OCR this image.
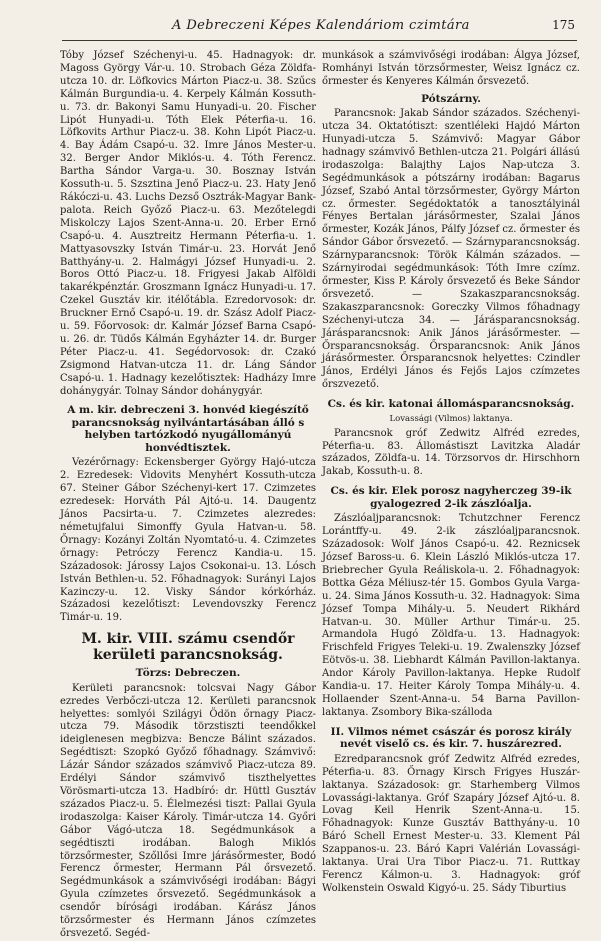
A Debreczeni Képes Kalendáriom czimtára	175

Tóby József Széchenyi-u. 45. Hadnagyok: dr. Magoss György Vár-u. 10. Strobach Géza Zöldfa-utcza 10. dr. Löfkovics Márton Piacz-u. 38. Szűcs Kálmán Burgundia-u. 4. Kerpely Kálmán Kossuth-u. 73. dr. Bakonyi Samu Hunyadi-u. 20. Fischer Lipót Hunyadi-u. Tóth Elek Péterfia-u. 16. Löfkovits Arthur Piacz-u. 38. Kohn Lipót Piacz-u. 4. Bay Ádám Csapó-u. 32. Imre János Mester-u. 32. Berger Andor Miklós-u. 4. Tóth Ferencz. Bartha Sándor Varga-u. 30. Bosznay István Kossuth-u. 5. Szsztina Jenő Piacz-u. 23. Haty Jenő Rákóczi-u. 43. Luchs Dezső Osztrák-Magyar Bank-palota. Reich Győző Piacz-u. 63. Mezőtelegdi Miskolczy Lajos Szent-Anna-u. 20. Erber Ernő Csapó-u. 4. Ausztreitz Hermann Péterfia-u. 1. Mattyasovszky István Timár-u. 23. Horvát Jenő Batthyány-u. 2. Halmágyi József Hunyadi-u. 2. Boros Ottó Piacz-u. 18. Frigyesi Jakab Alföldi takarékpénztár. Groszmann Ignácz Hunyadi-u. 17. Czekel Gusztáv kir. itélőtábla. Ezredorvosok: dr. Bruckner Ernő Csapó-u. 19. dr. Szász Adolf Piacz-u. 59. Főorvosok: dr. Kalmár József Barna Csapó-u. 26. dr. Tüdős Kálmán Egyházter 14. dr. Burger Péter Piacz-u. 41. Segédorvosok: dr. Czakó Zsigmond Hatvan-utcza 11. dr. Láng Sándor Csapó-u. 1. Hadnagy kezelőtisztek: Hadházy Imre dohánygyár. Tolnay Sándor dohánygyár.

A m. kir. debreczeni 3. honvéd kiegészítő parancsnokság nyilvántartásában álló s helyben tartózkodó nyugállományú honvédtisztek.

Vezérőrnagy: Eckensberger György Hajó-utcza 2. Ezredesek: Vidovits Menyhért Kossuth-utcza 67. Steiner Gábor Széchenyi-kert 17. Czimzetes ezredesek: Horváth Pál Ajtó-u. 14. Daugentz János Pacsirta-u. 7. Czimzetes alezredes: németujfalui Simonffy Gyula Hatvan-u. 58. Őrnagy: Kozányi Zoltán Nyomtató-u. 4. Czimzetes őrnagy: Petróczy Ferencz Kandia-u. 15. Századosok: Járossy Lajos Csokonai-u. 13. Lósch István Bethlen-u. 52. Főhadnagyok: Surányi Lajos Kazinczy-u. 12. Visky Sándor kórkórház. Századosi kezelőtiszt: Levendovszky Ferencz Timár-u. 19.

M. kir. VIII. számu csendőr kerületi parancsnokság.
Törzs: Debreczen.

Kerületi parancsnok: tolcsvai Nagy Gábor ezredes Verbőczi-utcza 12. Kerületi parancsnok helyettes: somlyói Szilágyi Ödön őrnagy Piacz-utcza 79. Második törzstiszti teendőkkel ideiglenesen megbizva: Bencze Bálint százados. Segédtiszt: Szopkó Győző főhadnagy. Számvivő: Lázár Sándor százados számvivő Piacz-utcza 89. Erdélyi Sándor számvivő tiszthelyettes Vörösmarti-utcza 13. Hadbíró: dr. Hüttl Gusztáv százados Piacz-u. 5. Élelmezési tiszt: Pallai Gyula irodaszolga: Kaiser Károly. Timár-utcza 14. Győri Gábor Vágó-utcza 18. Segédmunkások a segédtiszti irodában. Balogh Miklós törzsőrmester, Szőllősi Imre járásőrmester, Bodó Ferencz őrmester, Hermann Pál őrsvezető. Segédmunkások a számvivőségi irodában: Bágyi Gyula czímzetes őrsvezető. Segédmunkások a csendőr bírósági irodában. Kárász János törzsőrmester és Hermann János czímzetes őrsvezető. Segéd-

munkások a számvivőségi irodában: Álgya József, Romhányi István törzsőrmester, Weisz Ignácz cz. őrmester és Kenyeres Kálmán őrsvezető.

Pótszárny.

Parancsnok: Jakab Sándor százados. Széchenyi-utcza 34. Oktatótiszt: szentléleki Hajdó Márton Hunyadi-utcza 5. Számvivő: Magyar Gábor hadnagy számvivő Bethlen-utcza 21. Polgári állású irodaszolga: Balajthy Lajos Nap-utcza 3. Segédmunkások a pótszárny irodában: Bagarus József, Szabó Antal törzsőrmester, György Márton cz. őrmester. Segédoktatók a tanosztályinál Fényes Bertalan járásőrmester, Szalai János őrmester, Kozák János, Pálfy József cz. őrmester és Sándor Gábor őrsvezető. — Szárnyparancsnokság. Szárnyparancsnok: Török Kálmán százados. — Szárnyirodai segédmunkások: Tóth Imre czímz. őrmester, Kiss P. Károly őrsvezető és Beke Sándor őrsvezető. — Szakaszparancsnokság. Szakaszparancsnok: Goreczky Vilmos főhadnagy Széchenyi-utcza 34. — Járásparancsnokság. Járásparancsnok: Anik János járásőrmester. — Őrsparancsnokság. Őrsparancsnok: Anik János járásőrmester. Őrsparancsnok helyettes: Czindler János, Erdélyi János és Fejős Lajos czímzetes őrszvezető.

Cs. és kir. katonai állomásparancsnokság.
Lovassági (Vilmos) laktanya.

Parancsnok gróf Zedwitz Alfréd ezredes, Péterfia-u. 83. Állomástiszt Lavitzka Aladár százados, Zöldfa-u. 14. Törzsorvos dr. Hirschhorn Jakab, Kossuth-u. 8.

Cs. és kir. Elek porosz nagyherczeg 39-ik gyalogezred 2-ik zászlóalja.

Zászlóaljparancsnok: Tchutzchner Ferencz Lorántffy-u. 49. 2-ik zászlóaljparancsnok. Századosok: Wolf János Csapó-u. 42. Reznicsek József Baross-u. 6. Klein László Miklós-utcza 17. Briebrecher Gyula Reáliskola-u. 2. Főhadnagyok: Bottka Géza Méliusz-tér 15. Gombos Gyula Varga-u. 24. Sima János Kossuth-u. 32. Hadnagyok: Sima József Tompa Mihály-u. 5. Neudert Rikhárd Hatvan-u. 30. Müller Arthur Timár-u. 25. Armandola Hugó Zöldfa-u. 13. Hadnagyok: Frischfeld Frigyes Teleki-u. 19. Zwalenszky József Eötvös-u. 38. Liebhardt Kálmán Pavillon-laktanya. Andor Károly Pavillon-laktanya. Hepke Rudolf Kandia-u. 17. Heiter Károly Tompa Mihály-u. 4. Hollaender Szent-Anna-u. 54 Barna Pavillon-laktanya. Zsombory Bika-szálloda

II. Vilmos német császár és porosz király nevét viselő cs. és kir. 7. huszárezred.

Ezredparancsnok gróf Zedwitz Alfréd ezredes, Péterfia-u. 83. Őrnagy Kirsch Frigyes Huszár-laktanya. Századosok: gr. Starhemberg Vilmos Lovassági-laktanya. Gróf Szapáry József Ajtó-u. 8. Lovag Keil Henrik Szent-Anna-u. 15. Főhadnagyok: Kunze Gusztáv Batthyány-u. 10 Báró Schell Ernest Mester-u. 33. Klement Pál Szappanos-u. 23. Báró Kapri Valérián Lovassági-laktanya. Urai Ura Tibor Piacz-u. 71. Ruttkay Ferencz Kálmon-u. 3. Hadnagyok: gróf Wolkenstein Oswald Kigyó-u. 25. Sády Tiburtius
